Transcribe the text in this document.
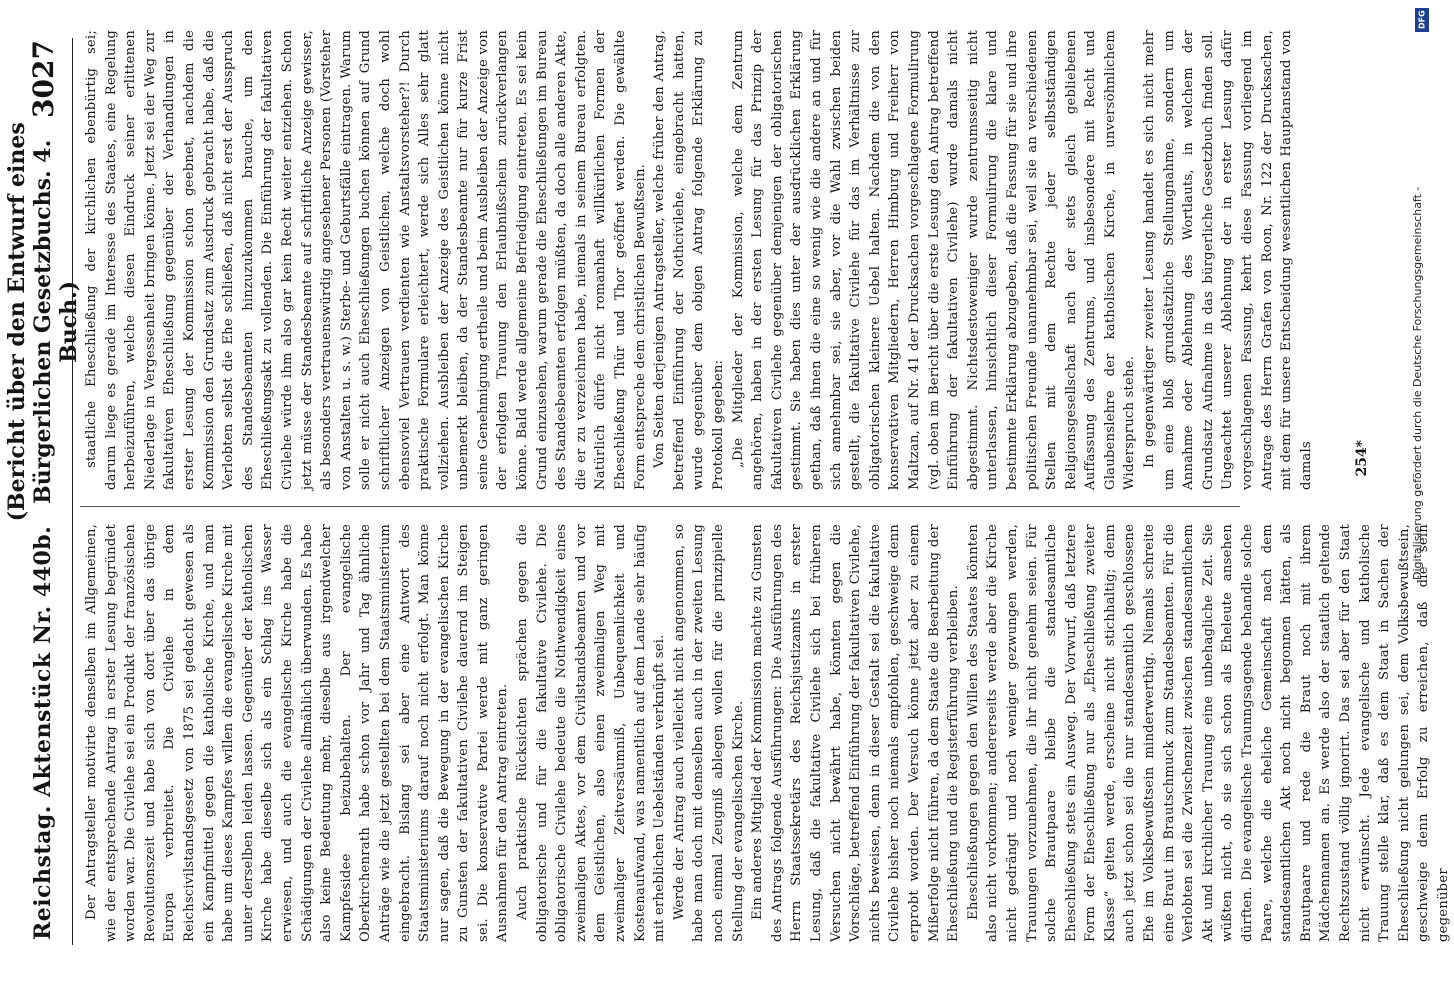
Reichstag. Aktenstück Nr. 440b.
(Bericht über den Entwurf eines Bürgerlichen Gesetzbuchs. 4. Buch.)
3027

Der Antragsteller motivirte denselben im Allgemeinen, wie der entsprechende Antrag in erster Lesung begründet worden war. Die Civilehe sei ein Produkt der französischen Revolutionszeit und habe sich von dort über das übrige Europa verbreitet. Die Civilehe in dem Reichscivilstandsgesetz von 1875 sei gedacht gewesen als ein Kampfmittel gegen die katholische Kirche, und man habe um dieses Kampfes willen die evangelische Kirche mit unter derselben leiden lassen. Gegenüber der katholischen Kirche habe dieselbe sich als ein Schlag ins Wasser erwiesen, und auch die evangelische Kirche habe die Schädigungen der Civilehe allmählich überwunden. Es habe also keine Bedeutung mehr, dieselbe aus irgendwelcher Kampfesidee beizubehalten. Der evangelische Oberkirchenrath habe schon vor Jahr und Tag ähnliche Anträge wie die jetzt gestellten bei dem Staatsministerium eingebracht. Bislang sei aber eine Antwort des Staatsministeriums darauf noch nicht erfolgt. Man könne nur sagen, daß die Bewegung in der evangelischen Kirche zu Gunsten der fakultativen Civilehe dauernd im Steigen sei. Die konservative Partei werde mit ganz geringen Ausnahmen für den Antrag eintreten. Auch praktische Rücksichten sprächen gegen die obligatorische und für die fakultative Civilehe. Die obligatorische Civilehe bedeute die Nothwendigkeit eines zweimaligen Aktes, vor dem Civilstandsbeamten und vor dem Geistlichen, also einen zweimaligen Weg mit zweimaliger Zeitversäumniß, Unbequemlichkeit und Kostenaufwand, was namentlich auf dem Lande sehr häufig mit erheblichen Uebelständen verknüpft sei. Werde der Antrag auch vielleicht nicht angenommen, so habe man doch mit demselben auch in der zweiten Lesung noch einmal Zeugniß ablegen wollen für die prinzipielle Stellung der evangelischen Kirche. Ein anderes Mitglied der Kommission machte zu Gunsten des Antrags folgende Ausführungen: Die Ausführungen des Herrn Staatssekretärs des Reichsjustizamts in erster Lesung, daß die fakultative Civilehe sich bei früheren Versuchen nicht bewährt habe, könnten gegen die Vorschläge, betreffend Einführung der fakultativen Civilehe, nichts beweisen, denn in dieser Gestalt sei die fakultative Civilehe bisher noch niemals empfohlen, geschweige denn erprobt worden. Der Versuch könne jetzt aber zu einem Mißerfolge nicht führen, da dem Staate die Bearbeitung der Eheschließung und die Registerführung verbleiben. Eheschließungen gegen den Willen des Staates könnten also nicht vorkommen; andererseits werde aber die Kirche nicht gedrängt und noch weniger gezwungen werden, Trauungen vorzunehmen, die ihr nicht genehm seien. Für solche Brautpaare bleibe die standesamtliche Eheschließung stets ein Ausweg. Der Vorwurf, daß letztere Form der Eheschließung nur als „Eheschließung zweiter Klasse“ gelten werde, erscheine nicht stichhaltig; denn auch jetzt schon sei die nur standesamtlich geschlossene Ehe im Volksbewußtsein minderwerthig. Niemals schreite eine Braut im Brautschmuck zum Standesbeamten. Für die Verlobten sei die Zwischenzeit zwischen standesamtlichem Akt und kirchlicher Trauung eine unbehagliche Zeit. Sie wüßten nicht, ob sie sich schon als Eheleute ansehen dürften. Die evangelische Traunngsagende behandle solche Paare, welche die eheliche Gemeinschaft nach dem standesamtlichen Akt noch nicht begonnen hätten, als Brautpaare und rede die Braut noch mit ihrem Mädchennamen an. Es werde also der staatlich geltende Rechtszustand völlig ignorirt. Das sei aber für den Staat nicht erwünscht. Jede evangelische und katholische Trauung stelle klar, daß es dem Staat in Sachen der Eheschließung nicht gelungen sei, dem Volksbewußtsein, geschweige denn Erfolg zu erreichen, daß die sein gegenüber

staatliche Eheschließung der kirchlichen ebenbürtig sei; darum liege es gerade im Interesse des Staates, eine Regelung herbeizuführen, welche diesen Eindruck seiner erlittenen Niederlage in Vergessenheit bringen könne. Jetzt sei der Weg zur fakultativen Eheschließung gegenüber der Verhandlungen in erster Lesung der Kommission schon geebnet, nachdem die Kommission den Grundsatz zum Ausdruck gebracht habe, daß die Verlobten selbst die Ehe schließen, daß nicht erst der Ausspruch des Standesbeamten hinzuzukommen brauche, um den Eheschließungsakt zu vollenden. Die Einführung der fakultativen Civilehe würde ihm also gar kein Recht weiter entziehen. Schon jetzt müsse der Standesbeamte auf schriftliche Anzeige gewisser, als besonders vertrauenswürdig angesehener Personen (Vorsteher von Anstalten u. s. w.) Sterbe- und Geburtsfälle eintragen. Warum solle er nicht auch Eheschließungen buchen können auf Grund schriftlicher Anzeigen von Geistlichen, welche doch wohl ebensoviel Vertrauen verdienten wie Anstaltsvorsteher?! Durch praktische Formulare erleichtert, werde sich Alles sehr glatt vollziehen. Ausbleiben der Anzeige des Geistlichen könne nicht unbemerkt bleiben, da der Standesbeamte nur für kurze Frist seine Genehmigung ertheile und beim Ausbleiben der Anzeige von der erfolgten Trauung den Erlaubnißschein zurückverlangen könne. Bald werde allgemeine Befriedigung eintreten. Es sei kein Grund einzusehen, warum gerade die Eheschließungen im Bureau des Standesbeamten erfolgen müßten, da doch alle anderen Akte, die er zu verzeichnen habe, niemals in seinem Bureau erfolgten. Natürlich dürfe nicht romanhaft willkürlichen Formen der Eheschließung Thür und Thor geöffnet werden. Die gewählte Form entspreche dem christlichen Bewußtsein. Von Seiten derjenigen Antragsteller, welche früher den Antrag, betreffend Einführung der Nothcivilehe, eingebracht hatten, wurde gegenüber dem obigen Antrag folgende Erklärung zu Protokoll gegeben: „Die Mitglieder der Kommission, welche dem Zentrum angehören, haben in der ersten Lesung für das Prinzip der fakultativen Civilehe gegenüber demjenigen der obligatorischen gestimmt. Sie haben dies unter der ausdrücklichen Erklärung gethan, daß ihnen die eine so wenig wie die andere an und für sich annehmbar sei, sie aber, vor die Wahl zwischen beiden gestellt, die fakultative Civilehe für das im Verhältnisse zur obligatorischen kleinere Uebel halten. Nachdem die von den konservativen Mitgliedern, Herren Himburg und Freiherr von Maltzan, auf Nr. 41 der Drucksachen vorgeschlagene Formulirung (vgl. oben im Bericht über die erste Lesung den Antrag betreffend Einführung der fakultativen Civilehe) wurde damals nicht abgestimmt. Nichtsdestoweniger wurde zentrumsseitig nicht unterlassen, hinsichtlich dieser Formulirung die klare und bestimmte Erklärung abzugeben, daß die Fassung für sie und ihre politischen Freunde unannehmbar sei, weil sie an verschiedenen Stellen mit dem Rechte jeder selbstständigen Religionsgesellschaft nach der stets gleich gebliebenen Auffassung des Zentrums, und insbesondere mit Recht und Glaubenslehre der katholischen Kirche, in unversöhnlichem Widerspruch stehe. In gegenwärtiger zweiter Lesung handelt es sich nicht mehr um eine bloß grundsätzliche Stellungnahme, sondern um Annahme oder Ablehnung des Wortlauts, in welchem der Grundsatz Aufnahme in das bürgerliche Gesetzbuch finden soll. Ungeachtet unserer Ablehnung der in erster Lesung dafür vorgeschlagenen Fassung, kehrt diese Fassung vorliegend im Antrage des Herrn Grafen von Roon, Nr. 122 der Drucksachen, mit dem für unsere Entscheidung wesentlichen Hauptanstand von damals	254*
DFG
Digitalisierung gefördert durch die Deutsche Forschungsgemeinschaft -
